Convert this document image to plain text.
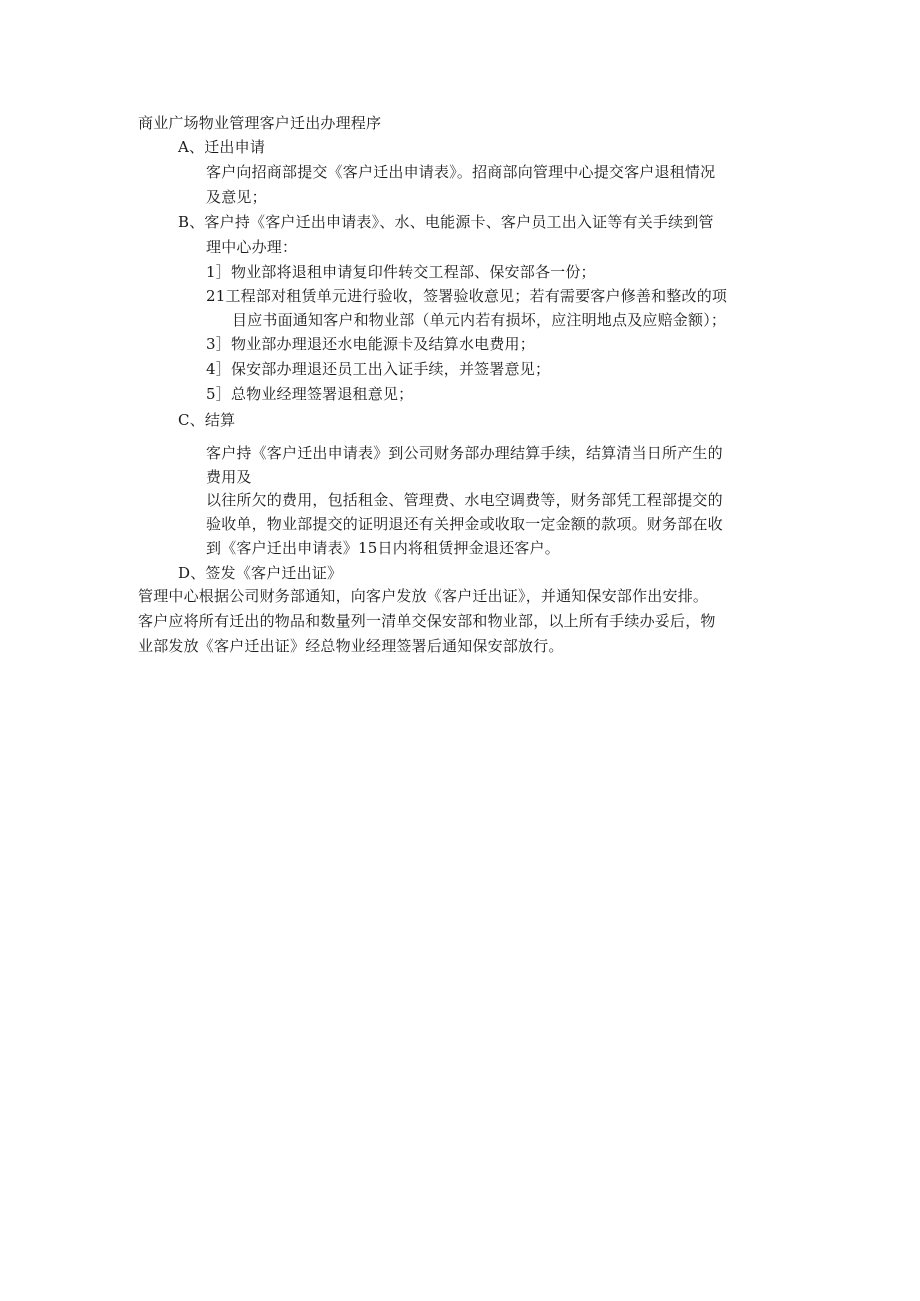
商业广场物业管理客户迁出办理程序
A、迁出申请
客户向招商部提交《客户迁出申请表》。招商部向管理中心提交客户退租情况
及意见；
B、客户持《客户迁出申请表》、水、电能源卡、客户员工出入证等有关手续到管
理中心办理：
1］物业部将退租申请复印件转交工程部、保安部各一份；
21工程部对租赁单元进行验收，签署验收意见；若有需要客户修善和整改的项
目应书面通知客户和物业部（单元内若有损坏，应注明地点及应赔金额）；
3］物业部办理退还水电能源卡及结算水电费用；
4］保安部办理退还员工出入证手续，并签署意见；
5］总物业经理签署退租意见；
C、结算
客户持《客户迁出申请表》到公司财务部办理结算手续，结算清当日所产生的
费用及
以往所欠的费用，包括租金、管理费、水电空调费等，财务部凭工程部提交的
验收单，物业部提交的证明退还有关押金或收取一定金额的款项。财务部在收
到《客户迁出申请表》15日内将租赁押金退还客户。
D、签发《客户迁出证》
管理中心根据公司财务部通知，向客户发放《客户迁出证》，并通知保安部作出安排。
客户应将所有迁出的物品和数量列一清单交保安部和物业部，以上所有手续办妥后，物
业部发放《客户迁出证》经总物业经理签署后通知保安部放行。
